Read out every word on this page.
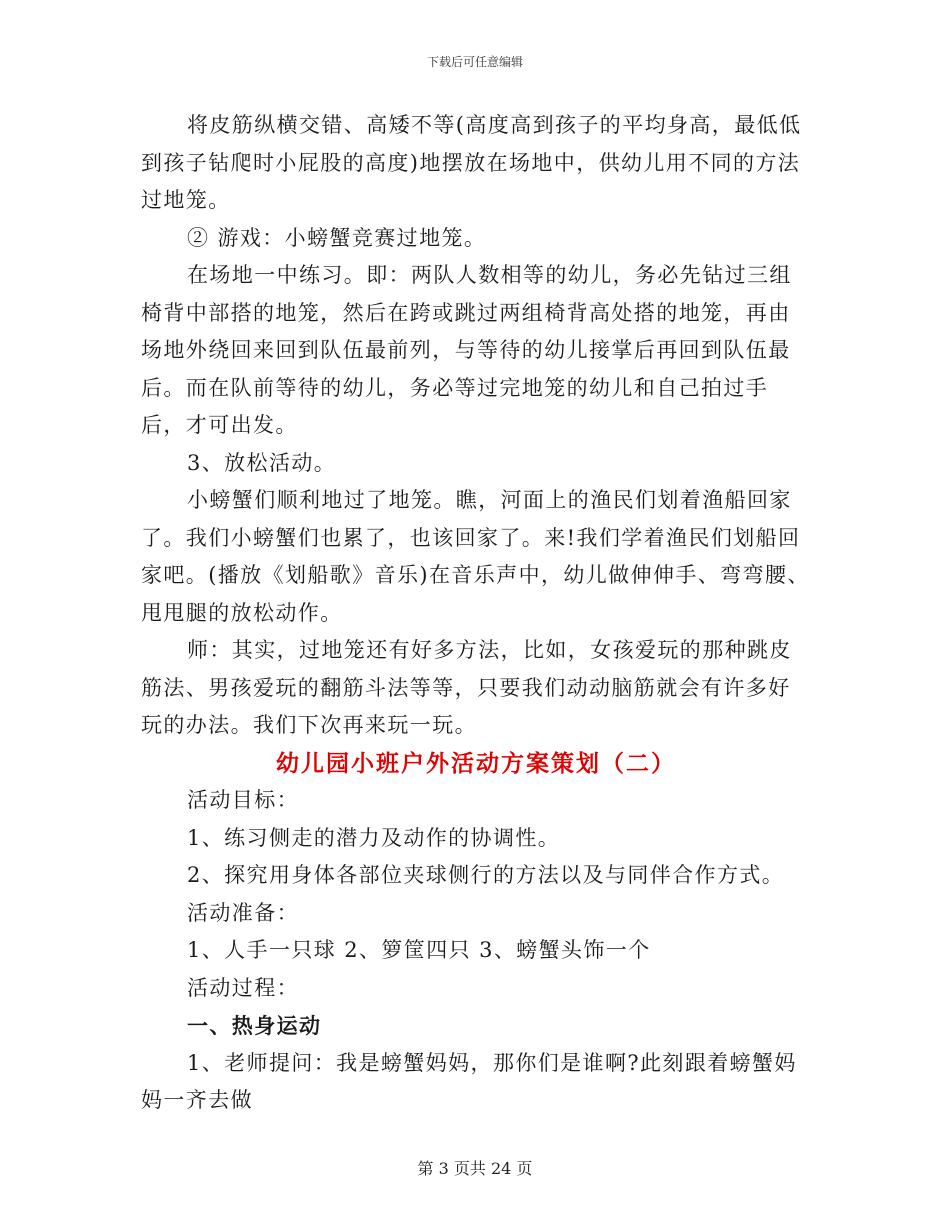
下载后可任意编辑

将皮筋纵横交错、高矮不等(高度高到孩子的平均身高，最低低到孩子钻爬时小屁股的高度)地摆放在场地中，供幼儿用不同的方法过地笼。

② 游戏：小螃蟹竞赛过地笼。

在场地一中练习。即：两队人数相等的幼儿，务必先钻过三组椅背中部搭的地笼，然后在跨或跳过两组椅背高处搭的地笼，再由场地外绕回来回到队伍最前列，与等待的幼儿接掌后再回到队伍最后。而在队前等待的幼儿，务必等过完地笼的幼儿和自己拍过手后，才可出发。

3、放松活动。

小螃蟹们顺利地过了地笼。瞧，河面上的渔民们划着渔船回家了。我们小螃蟹们也累了，也该回家了。来!我们学着渔民们划船回家吧。(播放《划船歌》音乐)在音乐声中，幼儿做伸伸手、弯弯腰、甩甩腿的放松动作。

师：其实，过地笼还有好多方法，比如，女孩爱玩的那种跳皮筋法、男孩爱玩的翻筋斗法等等，只要我们动动脑筋就会有许多好玩的办法。我们下次再来玩一玩。

幼儿园小班户外活动方案策划（二）

活动目标：

1、练习侧走的潜力及动作的协调性。

2、探究用身体各部位夹球侧行的方法以及与同伴合作方式。

活动准备：

1、人手一只球 2、箩筐四只 3、螃蟹头饰一个

活动过程：

一、热身运动

1、老师提问：我是螃蟹妈妈，那你们是谁啊?此刻跟着螃蟹妈妈一齐去做

第 3 页共 24 页
